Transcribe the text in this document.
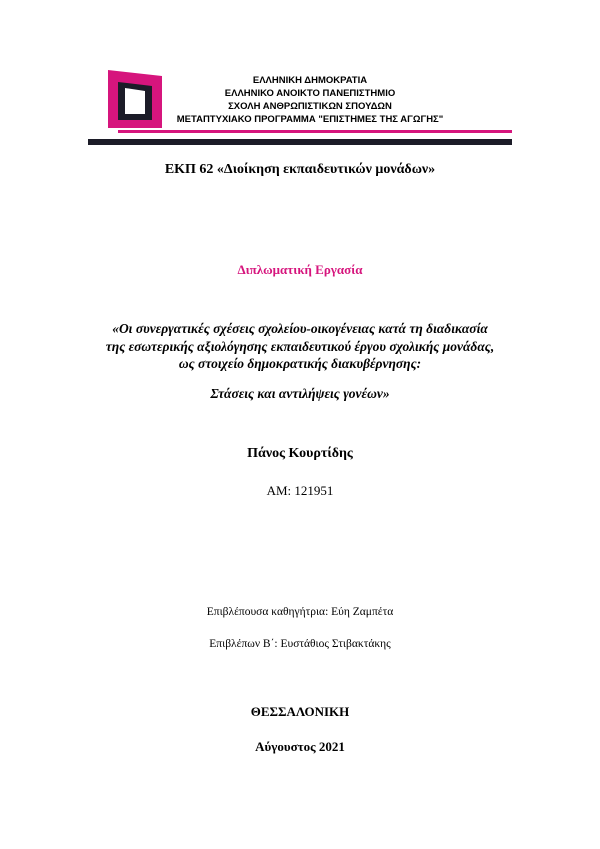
ΕΛΛΗΝΙΚΗ ΔΗΜΟΚΡΑΤΙΑ
ΕΛΛΗΝΙΚΟ ΑΝΟΙΚΤΟ ΠΑΝΕΠΙΣΤΗΜΙΟ
ΣΧΟΛΗ ΑΝΘΡΩΠΙΣΤΙΚΩΝ ΣΠΟΥΔΩΝ
ΜΕΤΑΠΤΥΧΙΑΚΟ ΠΡΟΓΡΑΜΜΑ "ΕΠΙΣΤΗΜΕΣ ΤΗΣ ΑΓΩΓΗΣ"
ΕΚΠ 62 «Διοίκηση εκπαιδευτικών μονάδων»
Διπλωματική Εργασία
«Οι συνεργατικές σχέσεις σχολείου-οικογένειας κατά τη διαδικασία
της εσωτερικής αξιολόγησης εκπαιδευτικού έργου σχολικής μονάδας,
ως στοιχείο δημοκρατικής διακυβέρνησης:
Στάσεις και αντιλήψεις γονέων»
Πάνος Κουρτίδης
ΑΜ: 121951
Επιβλέπουσα καθηγήτρια: Εύη Ζαμπέτα
Επιβλέπων Β΄: Ευστάθιος Στιβακτάκης
ΘΕΣΣΑΛΟΝΙΚΗ
Αύγουστος 2021
